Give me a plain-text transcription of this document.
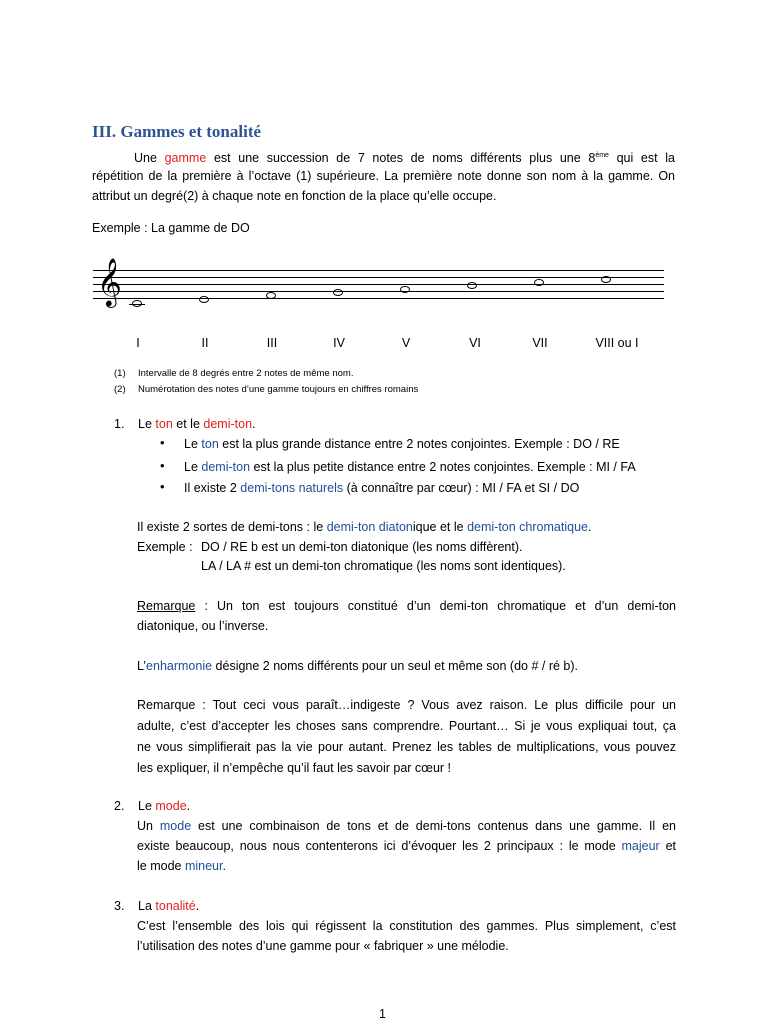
III. Gammes et tonalité
Une gamme est une succession de 7 notes de noms différents plus une 8ème qui est la
répétition de la première à l’octave (1) supérieure. La première note donne son nom à la gamme. On
attribut un degré(2) à chaque note en fonction de la place qu’elle occupe.
Exemple : La gamme de DO
𝄞
I	II	III	IV	V	VI	VII	VIII ou I
(1) Intervalle de 8 degrés entre 2 notes de même nom.
(2) Numérotation des notes d’une gamme toujours en chiffres romains
1. Le ton et le demi-ton.
• Le ton est la plus grande distance entre 2 notes conjointes. Exemple : DO / RE
• Le demi-ton est la plus petite distance entre 2 notes conjointes. Exemple : MI / FA
• Il existe 2 demi-tons naturels (à connaître par cœur) : MI / FA et SI / DO
Il existe 2 sortes de demi-tons : le demi-ton diatonique et le demi-ton chromatique.
Exemple : DO / RE b est un demi-ton diatonique (les noms diffèrent).
LA / LA # est un demi-ton chromatique (les noms sont identiques).
Remarque : Un ton est toujours constitué d’un demi-ton chromatique et d’un demi-ton
diatonique, ou l’inverse.
L’enharmonie désigne 2 noms différents pour un seul et même son (do # / ré b).
Remarque : Tout ceci vous paraît…indigeste ? Vous avez raison. Le plus difficile pour un
adulte, c’est d’accepter les choses sans comprendre. Pourtant… Si je vous expliquai tout, ça
ne vous simplifierait pas la vie pour autant. Prenez les tables de multiplications, vous pouvez
les expliquer, il n’empêche qu’il faut les savoir par cœur !
2. Le mode.
Un mode est une combinaison de tons et de demi-tons contenus dans une gamme. Il en
existe beaucoup, nous nous contenterons ici d’évoquer les 2 principaux : le mode majeur et
le mode mineur.
3. La tonalité.
C’est l’ensemble des lois qui régissent la constitution des gammes. Plus simplement, c’est
l’utilisation des notes d’une gamme pour « fabriquer » une mélodie.
1
